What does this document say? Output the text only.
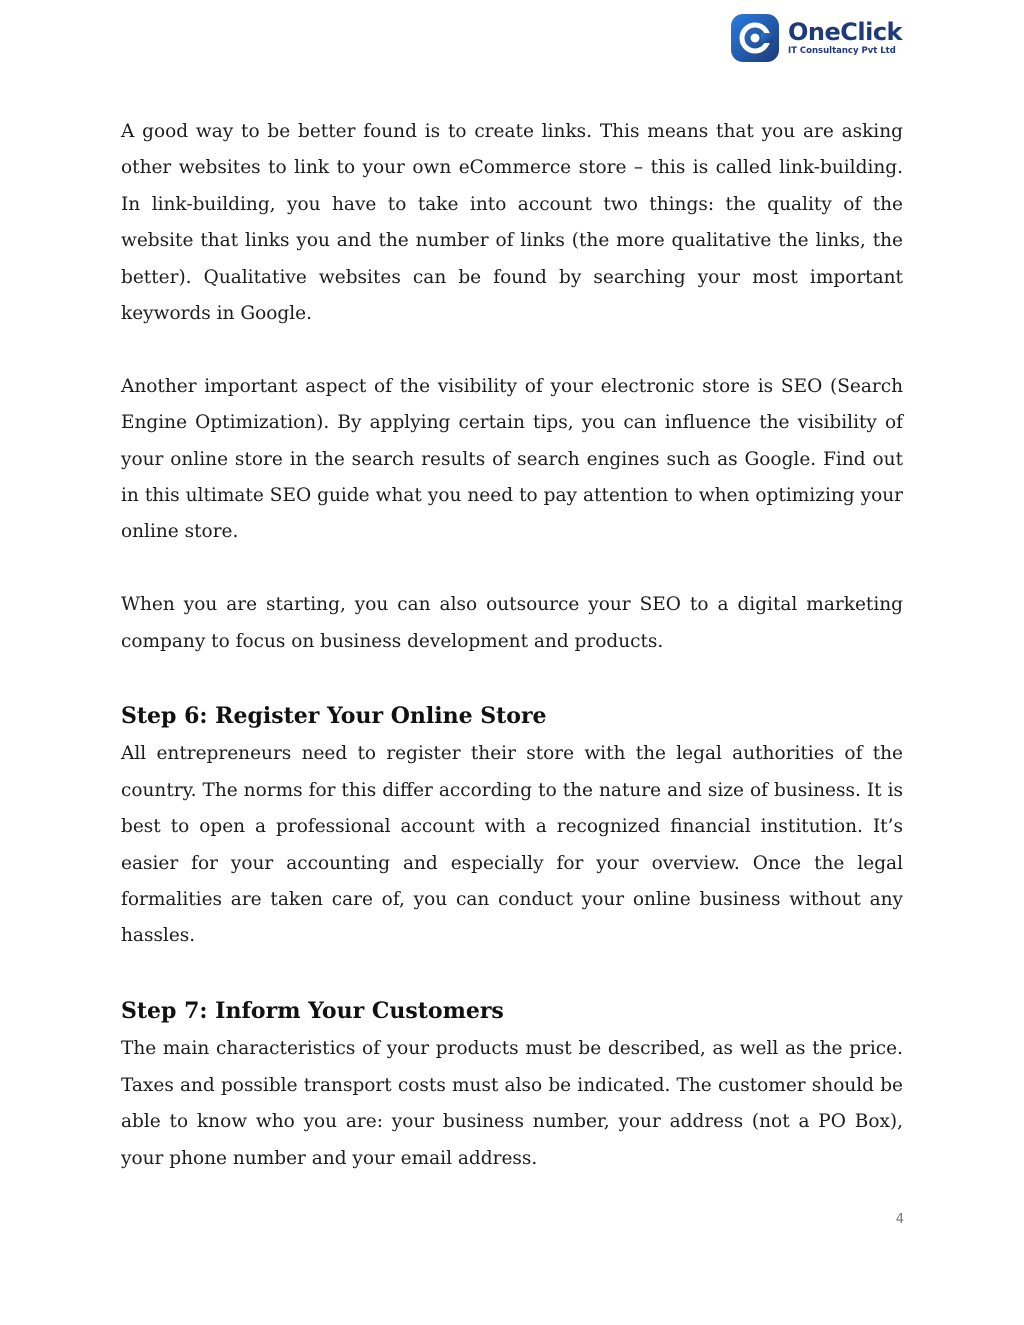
OneClick
IT Consultancy Pvt Ltd

A good way to be better found is to create links. This means that you are asking other websites to link to your own eCommerce store – this is called link-building. In link-building, you have to take into account two things: the quality of the website that links you and the number of links (the more qualitative the links, the better). Qualitative websites can be found by searching your most important keywords in Google.

Another important aspect of the visibility of your electronic store is SEO (Search Engine Optimization). By applying certain tips, you can influence the visibility of your online store in the search results of search engines such as Google. Find out in this ultimate SEO guide what you need to pay attention to when optimizing your online store.

When you are starting, you can also outsource your SEO to a digital marketing company to focus on business development and products.

Step 6: Register Your Online Store

All entrepreneurs need to register their store with the legal authorities of the country. The norms for this differ according to the nature and size of business. It is best to open a professional account with a recognized financial institution. It’s easier for your accounting and especially for your overview. Once the legal formalities are taken care of, you can conduct your online business without any hassles.

Step 7: Inform Your Customers

The main characteristics of your products must be described, as well as the price. Taxes and possible transport costs must also be indicated. The customer should be able to know who you are: your business number, your address (not a PO Box), your phone number and your email address.

4
